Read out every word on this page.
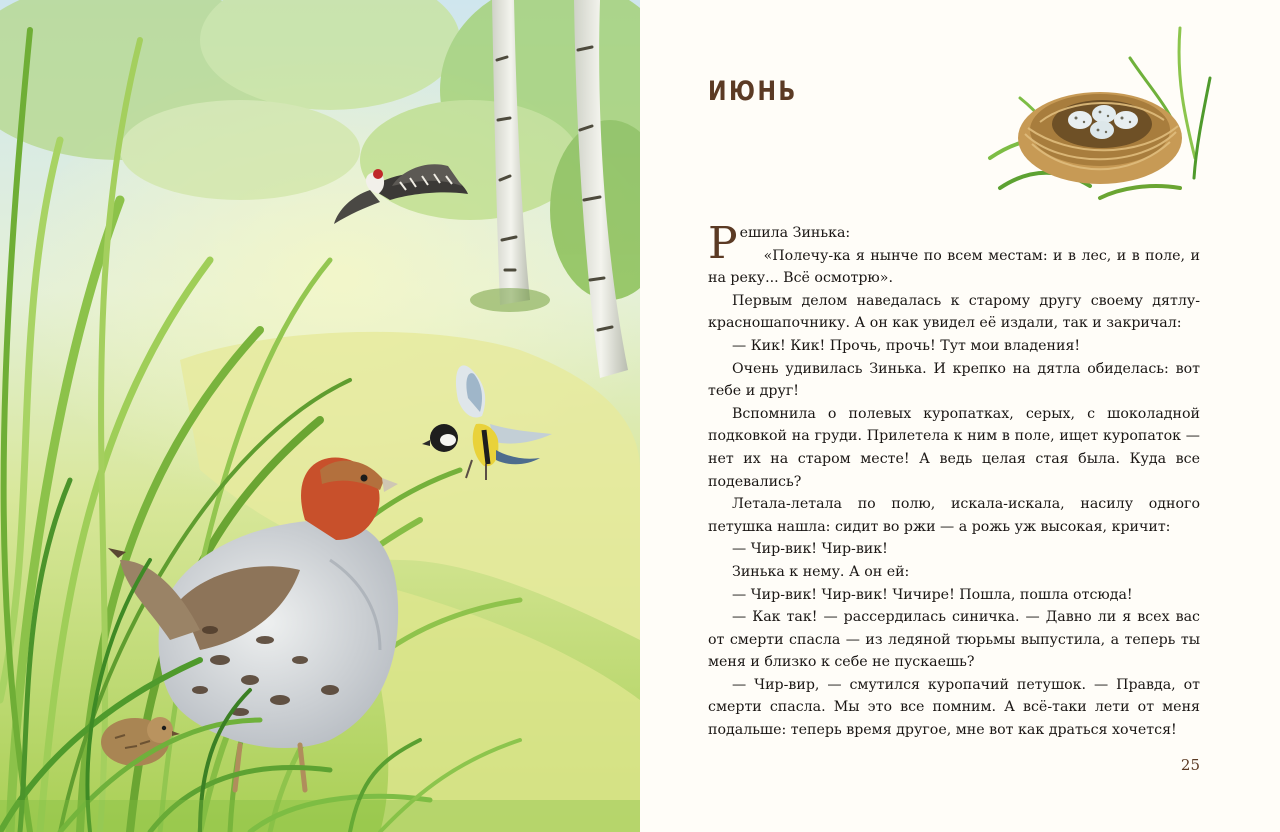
ИЮНЬ

Решила Зинька:

«Полечу-ка я нынче по всем местам: и в лес, и в поле, и на реку... Всё осмотрю».

Первым делом наведалась к старому другу своему дятлу-красношапочнику. А он как увидел её издали, так и закричал:

— Кик! Кик! Прочь, прочь! Тут мои владения!

Очень удивилась Зинька. И крепко на дятла обиделась: вот тебе и друг!

Вспомнила о полевых куропатках, серых, с шоколадной подковкой на груди. Прилетела к ним в поле, ищет куропаток — нет их на старом месте! А ведь целая стая была. Куда все подевались?

Летала-летала по полю, искала-искала, насилу одного петушка нашла: сидит во ржи — а рожь уж высокая, кричит:

— Чир-вик! Чир-вик!

Зинька к нему. А он ей:

— Чир-вик! Чир-вик! Чичире! Пошла, пошла отсюда!

— Как так! — рассердилась синичка. — Давно ли я всех вас от смерти спасла — из ледяной тюрьмы выпустила, а теперь ты меня и близко к себе не пускаешь?

— Чир-вир, — смутился куропачий петушок. — Правда, от смерти спасла. Мы это все помним. А всё-таки лети от меня подальше: теперь время другое, мне вот как драться хочется!

25
